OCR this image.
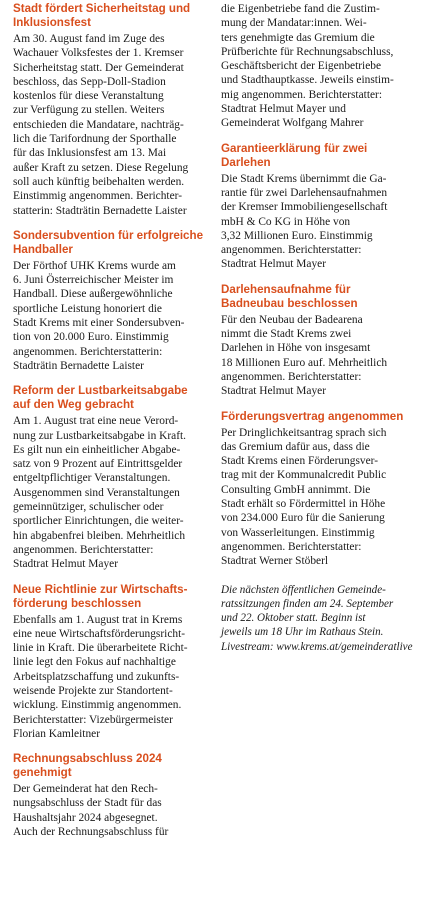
Stadt fördert Sicherheitstag und Inklusionsfest

Am 30. August fand im Zuge des
Wachauer Volksfestes der 1. Kremser
Sicherheitstag statt. Der Gemeinderat
beschloss, das Sepp-Doll-Stadion
kostenlos für diese Veranstaltung
zur Verfügung zu stellen. Weiters
entschieden die Mandatare, nachträg-
lich die Tarifordnung der Sporthalle
für das Inklusionsfest am 13. Mai
außer Kraft zu setzen. Diese Regelung
soll auch künftig beibehalten werden.
Einstimmig angenommen. Berichter-
statterin: Stadträtin Bernadette Laister

Sondersubvention für erfolgreiche Handballer

Der Förthof UHK Krems wurde am
6. Juni Österreichischer Meister im
Handball. Diese außergewöhnliche
sportliche Leistung honoriert die
Stadt Krems mit einer Sondersubven-
tion von 20.000 Euro. Einstimmig
angenommen. Berichterstatterin:
Stadträtin Bernadette Laister

Reform der Lustbarkeitsabgabe auf den Weg gebracht

Am 1. August trat eine neue Verord-
nung zur Lustbarkeitsabgabe in Kraft.
Es gilt nun ein einheitlicher Abgabe-
satz von 9 Prozent auf Eintrittsgelder
entgeltpflichtiger Veranstaltungen.
Ausgenommen sind Veranstaltungen
gemeinnütziger, schulischer oder
sportlicher Einrichtungen, die weiter-
hin abgabenfrei bleiben. Mehrheitlich
angenommen. Berichterstatter:
Stadtrat Helmut Mayer

Neue Richtlinie zur Wirtschafts- förderung beschlossen

Ebenfalls am 1. August trat in Krems
eine neue Wirtschaftsförderungsricht-
linie in Kraft. Die überarbeitete Richt-
linie legt den Fokus auf nachhaltige
Arbeitsplatzschaffung und zukunfts-
weisende Projekte zur Standortent-
wicklung. Einstimmig angenommen.
Berichterstatter: Vizebürgermeister
Florian Kamleitner

Rechnungsabschluss 2024 genehmigt

Der Gemeinderat hat den Rech-
nungsabschluss der Stadt für das
Haushaltsjahr 2024 abgesegnet.
Auch der Rechnungsabschluss für

die Eigenbetriebe fand die Zustim-
mung der Mandatar:innen. Wei-
ters genehmigte das Gremium die
Prüfberichte für Rechnungsabschluss,
Geschäftsbericht der Eigenbetriebe
und Stadthauptkasse. Jeweils einstim-
mig angenommen. Berichterstatter:
Stadtrat Helmut Mayer und
Gemeinderat Wolfgang Mahrer

Garantieerklärung für zwei Darlehen

Die Stadt Krems übernimmt die Ga-
rantie für zwei Darlehensaufnahmen
der Kremser Immobiliengesellschaft
mbH & Co KG in Höhe von
3,32 Millionen Euro. Einstimmig
angenommen. Berichterstatter:
Stadtrat Helmut Mayer

Darlehensaufnahme für Badneubau beschlossen

Für den Neubau der Badearena
nimmt die Stadt Krems zwei
Darlehen in Höhe von insgesamt
18 Millionen Euro auf. Mehrheitlich
angenommen. Berichterstatter:
Stadtrat Helmut Mayer

Förderungsvertrag angenommen

Per Dringlichkeitsantrag sprach sich
das Gremium dafür aus, dass die
Stadt Krems einen Förderungsver-
trag mit der Kommunalcredit Public
Consulting GmbH annimmt. Die
Stadt erhält so Fördermittel in Höhe
von 234.000 Euro für die Sanierung
von Wasserleitungen. Einstimmig
angenommen. Berichterstatter:
Stadtrat Werner Stöberl

Die nächsten öffentlichen Gemeinde-
ratssitzungen finden am 24. September
und 22. Oktober statt. Beginn ist
jeweils um 18 Uhr im Rathaus Stein.
Livestream: www.krems.at/gemeinderatlive
